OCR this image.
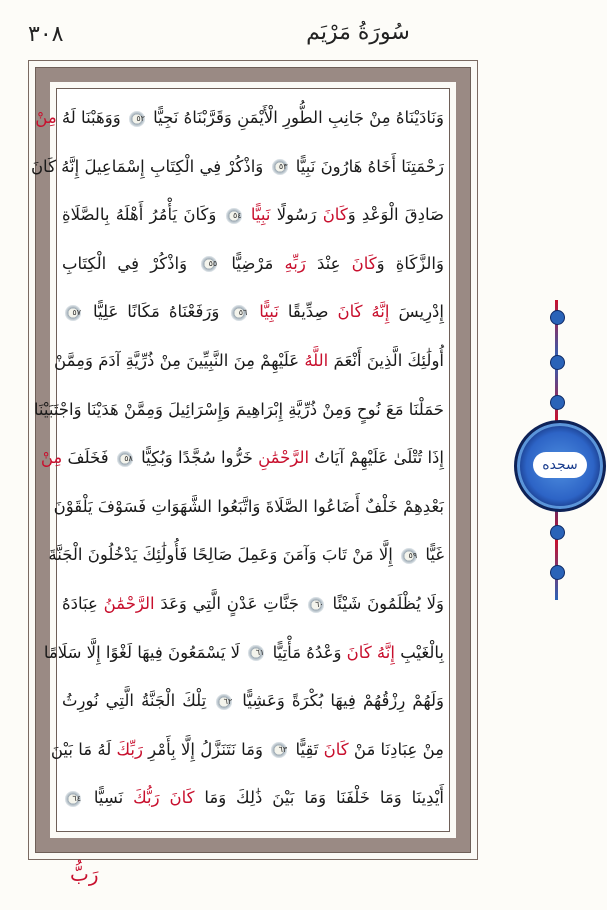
٣٠٨	سُورَةُ مَرْيَم
وَنَادَيْنَاهُ مِنْ جَانِبِ الطُّورِ الْأَيْمَنِ وَقَرَّبْنَاهُ نَجِيًّا ٥٢ وَوَهَبْنَا لَهُ مِنْ
رَحْمَتِنَا أَخَاهُ هَارُونَ نَبِيًّا ٥٣ وَاذْكُرْ فِي الْكِتَابِ إِسْمَاعِيلَ إِنَّهُ كَانَ
صَادِقَ الْوَعْدِ وَكَانَ رَسُولًا نَبِيًّا ٥٤ وَكَانَ يَأْمُرُ أَهْلَهُ بِالصَّلَاةِ
وَالزَّكَاةِ وَكَانَ عِنْدَ رَبِّهِ مَرْضِيًّا ٥٥ وَاذْكُرْ فِي الْكِتَابِ
إِدْرِيسَ إِنَّهُ كَانَ صِدِّيقًا نَبِيًّا ٥٦ وَرَفَعْنَاهُ مَكَانًا عَلِيًّا ٥٧
أُولَٰئِكَ الَّذِينَ أَنْعَمَ اللَّهُ عَلَيْهِمْ مِنَ النَّبِيِّينَ مِنْ ذُرِّيَّةِ آدَمَ وَمِمَّنْ
حَمَلْنَا مَعَ نُوحٍ وَمِنْ ذُرِّيَّةِ إِبْرَاهِيمَ وَإِسْرَائِيلَ وَمِمَّنْ هَدَيْنَا وَاجْتَبَيْنَا
إِذَا تُتْلَىٰ عَلَيْهِمْ آيَاتُ الرَّحْمَٰنِ خَرُّوا سُجَّدًا وَبُكِيًّا ٥٨ فَخَلَفَ مِنْ
بَعْدِهِمْ خَلْفٌ أَضَاعُوا الصَّلَاةَ وَاتَّبَعُوا الشَّهَوَاتِ فَسَوْفَ يَلْقَوْنَ
غَيًّا ٥٩ إِلَّا مَنْ تَابَ وَآمَنَ وَعَمِلَ صَالِحًا فَأُولَٰئِكَ يَدْخُلُونَ الْجَنَّةَ
وَلَا يُظْلَمُونَ شَيْئًا ٦٠ جَنَّاتِ عَدْنٍ الَّتِي وَعَدَ الرَّحْمَٰنُ عِبَادَهُ
بِالْغَيْبِ إِنَّهُ كَانَ وَعْدُهُ مَأْتِيًّا ٦١ لَا يَسْمَعُونَ فِيهَا لَغْوًا إِلَّا سَلَامًا
وَلَهُمْ رِزْقُهُمْ فِيهَا بُكْرَةً وَعَشِيًّا ٦٢ تِلْكَ الْجَنَّةُ الَّتِي نُورِثُ
مِنْ عِبَادِنَا مَنْ كَانَ تَقِيًّا ٦٣ وَمَا نَتَنَزَّلُ إِلَّا بِأَمْرِ رَبِّكَ لَهُ مَا بَيْنَ
أَيْدِينَا وَمَا خَلْفَنَا وَمَا بَيْنَ ذَٰلِكَ وَمَا كَانَ رَبُّكَ نَسِيًّا ٦٤
سجده
رَبُّ
